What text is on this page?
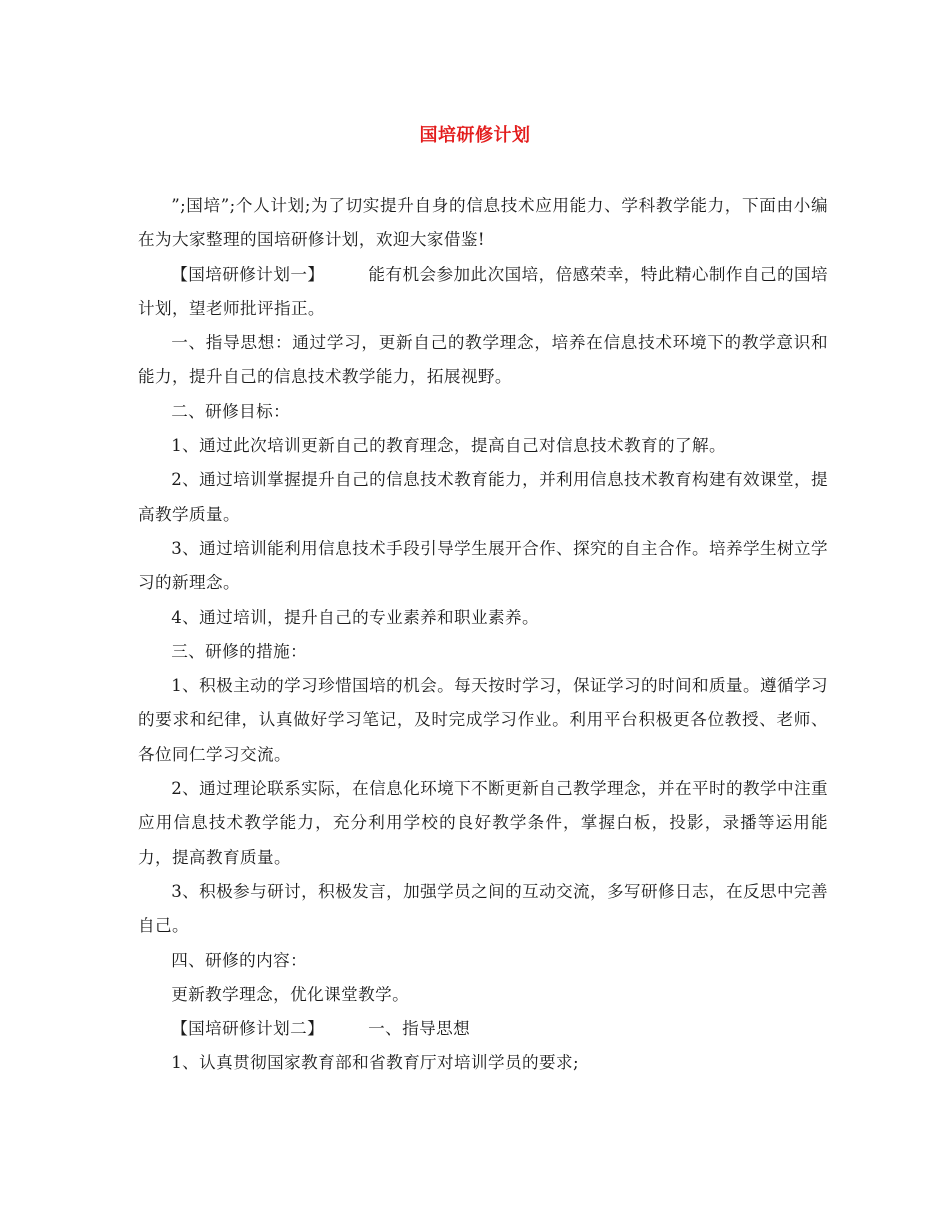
国培研修计划

”;国培”;个人计划;为了切实提升自身的信息技术应用能力、学科教学能力，下面由小编在为大家整理的国培研修计划，欢迎大家借鉴!

【国培研修计划一】	能有机会参加此次国培，倍感荣幸，特此精心制作自己的国培计划，望老师批评指正。

一、指导思想：通过学习，更新自己的教学理念，培养在信息技术环境下的教学意识和能力，提升自己的信息技术教学能力，拓展视野。

二、研修目标：

1、通过此次培训更新自己的教育理念，提高自己对信息技术教育的了解。

2、通过培训掌握提升自己的信息技术教育能力，并利用信息技术教育构建有效课堂，提高教学质量。

3、通过培训能利用信息技术手段引导学生展开合作、探究的自主合作。培养学生树立学习的新理念。

4、通过培训，提升自己的专业素养和职业素养。

三、研修的措施：

1、积极主动的学习珍惜国培的机会。每天按时学习，保证学习的时间和质量。遵循学习的要求和纪律，认真做好学习笔记，及时完成学习作业。利用平台积极更各位教授、老师、各位同仁学习交流。

2、通过理论联系实际，在信息化环境下不断更新自己教学理念，并在平时的教学中注重应用信息技术教学能力，充分利用学校的良好教学条件，掌握白板，投影，录播等运用能力，提高教育质量。

3、积极参与研讨，积极发言，加强学员之间的互动交流，多写研修日志，在反思中完善自己。

四、研修的内容：

更新教学理念，优化课堂教学。

【国培研修计划二】	一、指导思想

1、认真贯彻国家教育部和省教育厅对培训学员的要求;
